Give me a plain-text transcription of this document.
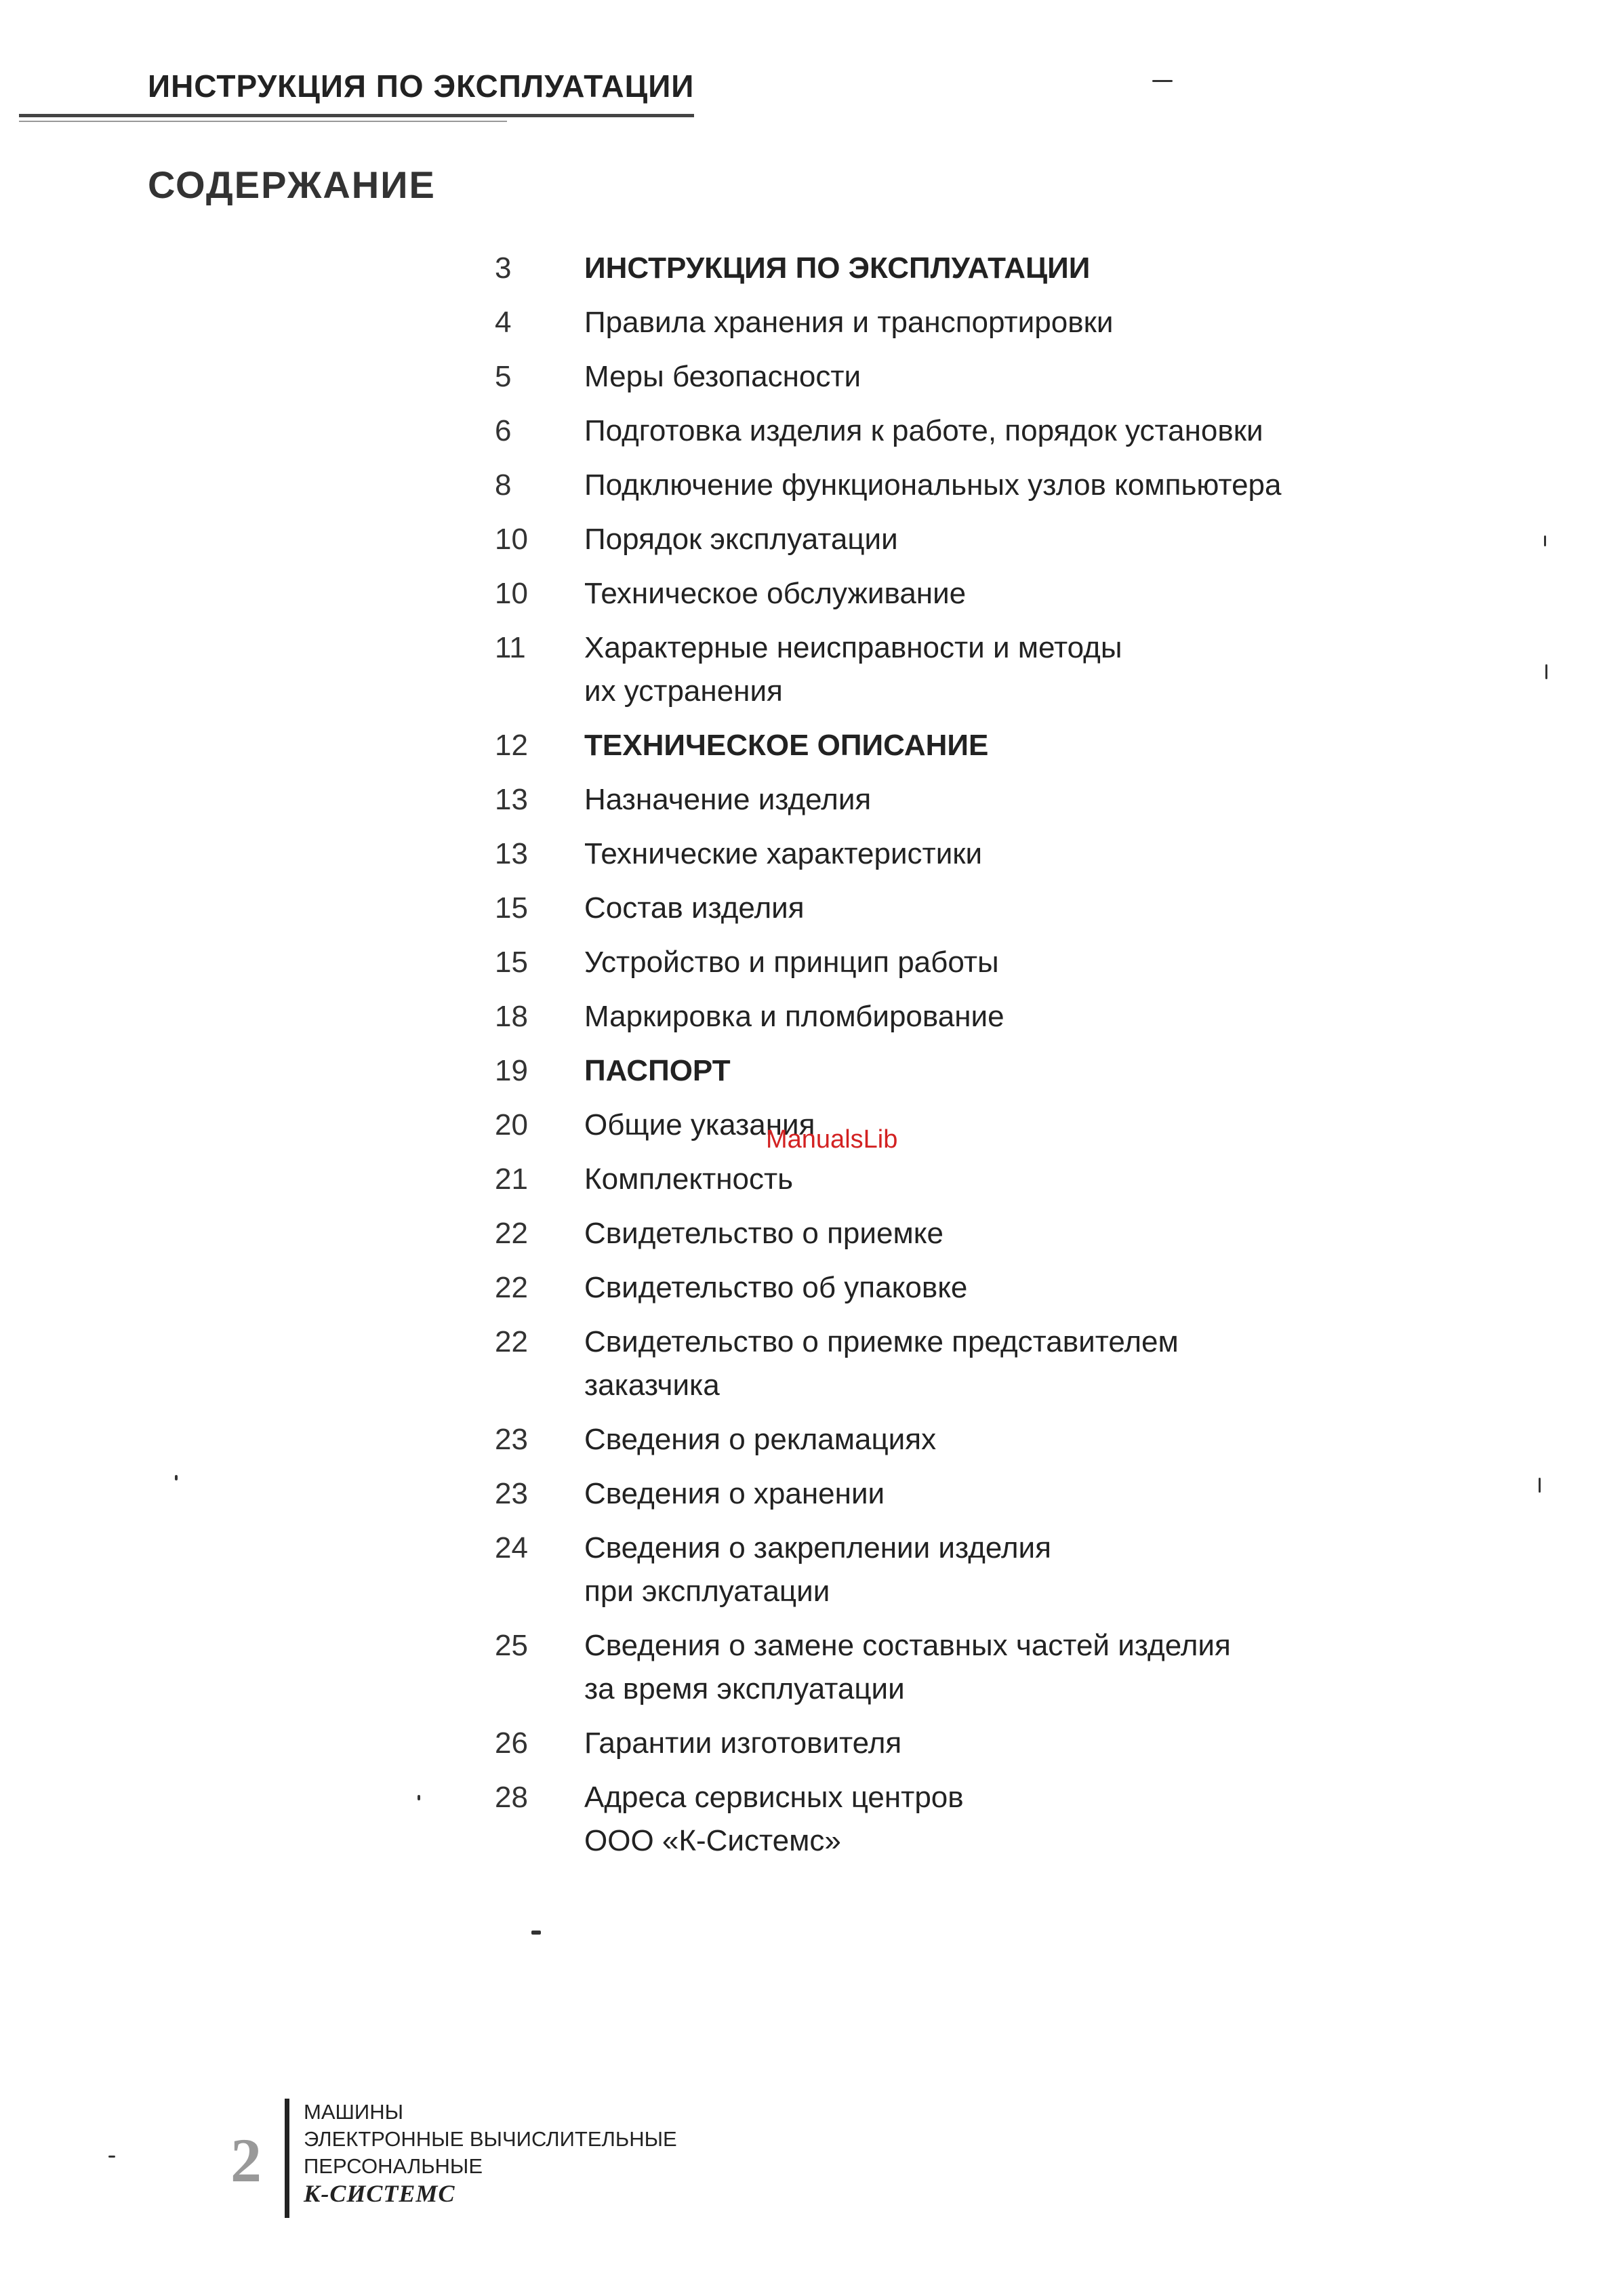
ИНСТРУКЦИЯ ПО ЭКСПЛУАТАЦИИ
СОДЕРЖАНИЕ
3	ИНСТРУКЦИЯ ПО ЭКСПЛУАТАЦИИ
4	Правила хранения и транспортировки
5	Меры безопасности
6	Подготовка изделия к работе, порядок установки
8	Подключение функциональных узлов компьютера
10	Порядок эксплуатации
10	Техническое обслуживание
11	Характерные неисправности и методы
их устранения
12	ТЕХНИЧЕСКОЕ ОПИСАНИЕ
13	Назначение изделия
13	Технические характеристики
15	Состав изделия
15	Устройство и принцип работы
18	Маркировка и пломбирование
19	ПАСПОРТ
20	Общие указания
21	Комплектность
22	Свидетельство о приемке
22	Свидетельство об упаковке
22	Свидетельство о приемке представителем
заказчика
23	Сведения о рекламациях
23	Сведения о хранении
24	Сведения о закреплении изделия
при эксплуатации
25	Сведения о замене составных частей изделия
за время эксплуатации
26	Гарантии изготовителя
28	Адреса сервисных центров
ООО «К-Системс»
ManualsLib
2
МАШИНЫ
ЭЛЕКТРОННЫЕ ВЫЧИСЛИТЕЛЬНЫЕ
ПЕРСОНАЛЬНЫЕ
К-СИСТЕМС
